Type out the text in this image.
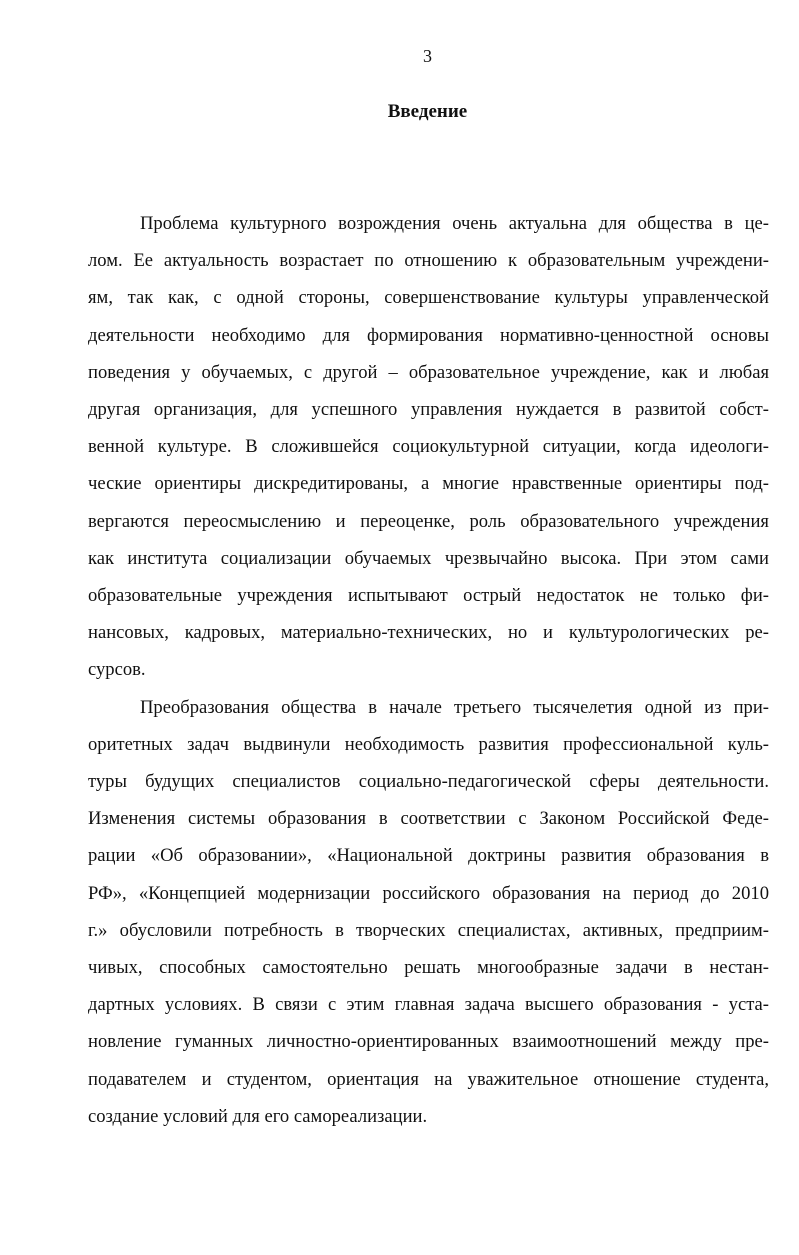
3
Введение

Проблема культурного возрождения очень актуальна для общества в це-
лом. Ее актуальность возрастает по отношению к образовательным учреждени-
ям, так как, с одной стороны, совершенствование культуры управленческой
деятельности необходимо для формирования нормативно-ценностной основы
поведения у обучаемых, с другой – образовательное учреждение, как и любая
другая организация, для успешного управления нуждается в развитой собст-
венной культуре. В сложившейся социокультурной ситуации, когда идеологи-
ческие ориентиры дискредитированы, а многие нравственные ориентиры под-
вергаются переосмыслению и переоценке, роль образовательного учреждения
как института социализации обучаемых чрезвычайно высока. При этом сами
образовательные учреждения испытывают острый недостаток не только фи-
нансовых, кадровых, материально-технических, но и культурологических ре-
сурсов.

Преобразования общества в начале третьего тысячелетия одной из при-
оритетных задач выдвинули необходимость развития профессиональной куль-
туры будущих специалистов социально-педагогической сферы деятельности.
Изменения системы образования в соответствии с Законом Российской Феде-
рации «Об образовании», «Национальной доктрины развития образования в
РФ», «Концепцией модернизации российского образования на период до 2010
г.» обусловили потребность в творческих специалистах, активных, предприим-
чивых, способных самостоятельно решать многообразные задачи в нестан-
дартных условиях. В связи с этим главная задача высшего образования - уста-
новление гуманных личностно-ориентированных взаимоотношений между пре-
подавателем и студентом, ориентация на уважительное отношение студента,
создание условий для его самореализации.
